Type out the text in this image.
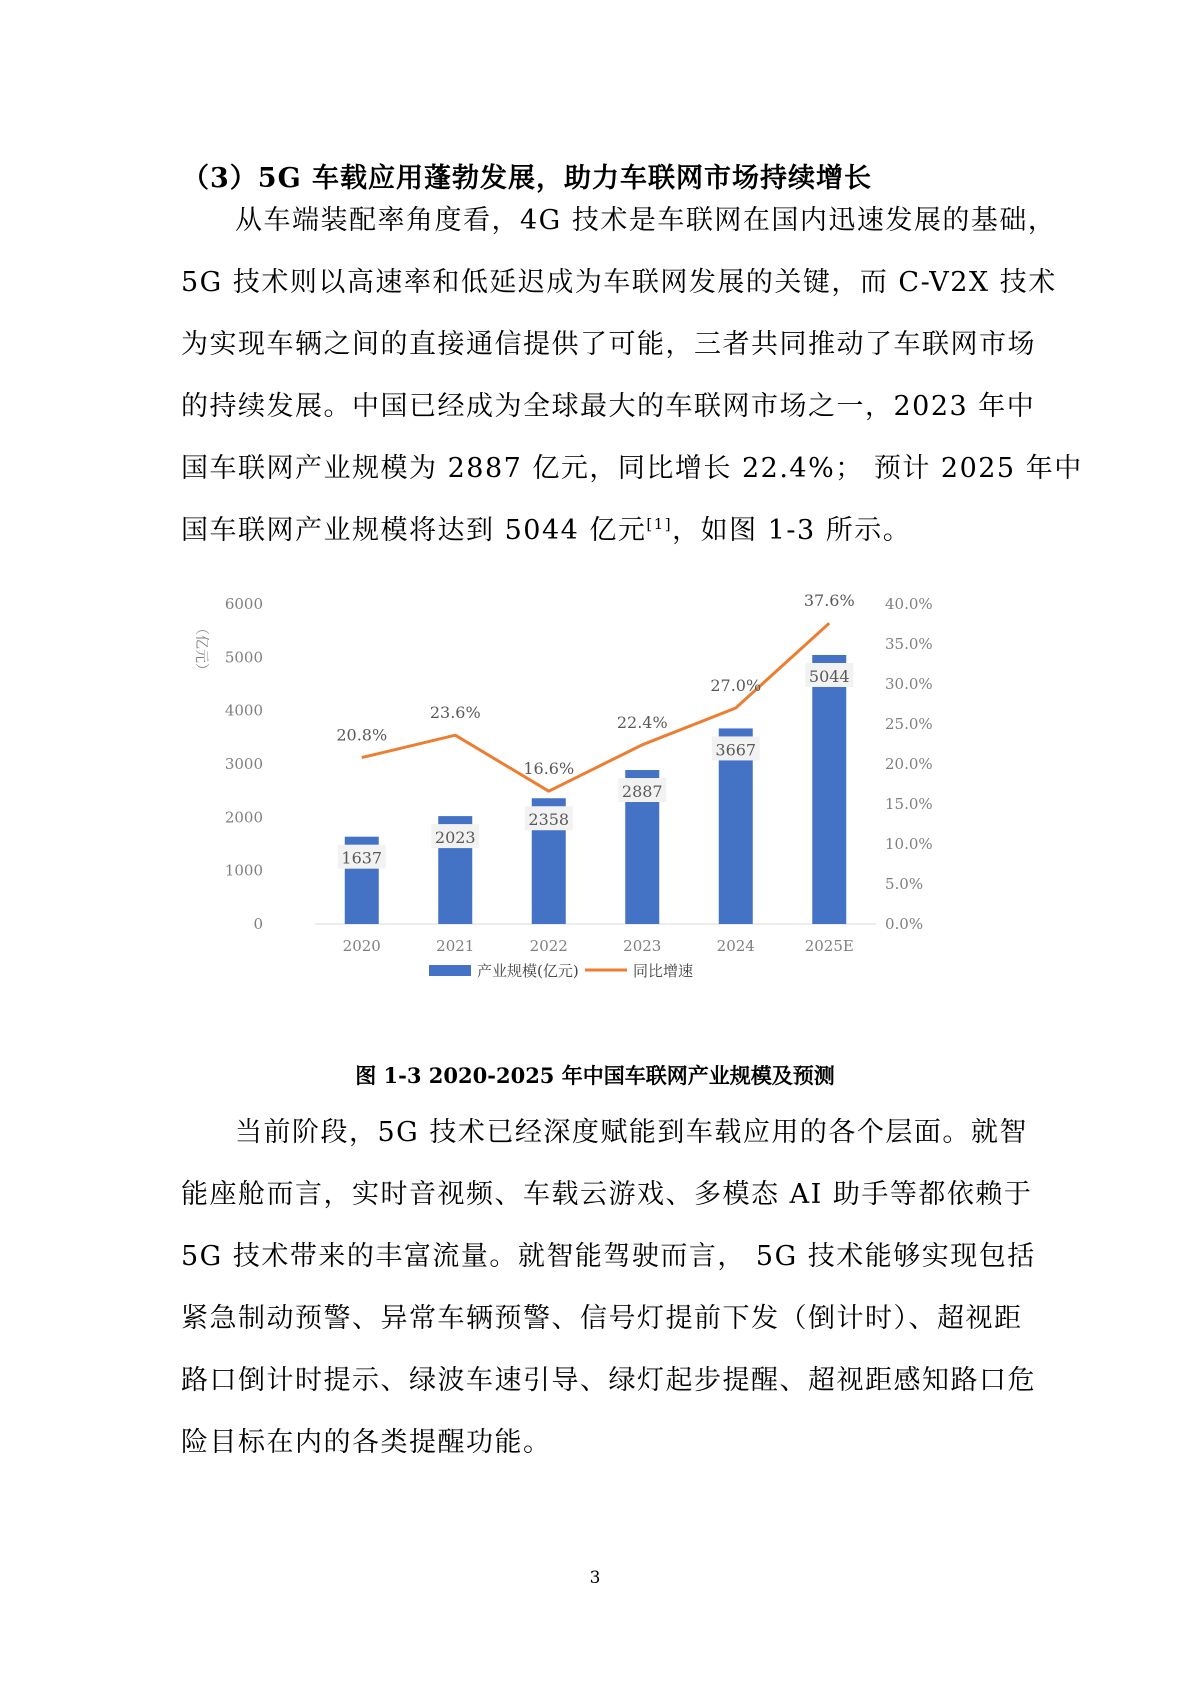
（3）5G 车载应用蓬勃发展，助力车联网市场持续增长
从车端装配率角度看，4G 技术是车联网在国内迅速发展的基础，
5G 技术则以高速率和低延迟成为车联网发展的关键，而 C-V2X 技术
为实现车辆之间的直接通信提供了可能，三者共同推动了车联网市场
的持续发展。中国已经成为全球最大的车联网市场之一，2023 年中
国车联网产业规模为 2887 亿元，同比增长 22.4%； 预计 2025 年中
国车联网产业规模将达到 5044 亿元[1]，如图 1-3 所示。
0
1000
2000
3000
4000
5000
6000
0.0%
5.0%
10.0%
15.0%
20.0%
25.0%
30.0%
35.0%
40.0%
（亿元）
1637
2023
2358
2887
3667
5044
20.8%
23.6%
16.6%
22.4%
27.0%
37.6%
2020	2021	2022	2023	2024	2025E
产业规模(亿元)	同比增速
图 1-3 2020-2025 年中国车联网产业规模及预测
当前阶段，5G 技术已经深度赋能到车载应用的各个层面。就智
能座舱而言，实时音视频、车载云游戏、多模态 AI 助手等都依赖于
5G 技术带来的丰富流量。就智能驾驶而言， 5G 技术能够实现包括
紧急制动预警、异常车辆预警、信号灯提前下发（倒计时）、超视距
路口倒计时提示、绿波车速引导、绿灯起步提醒、超视距感知路口危
险目标在内的各类提醒功能。
3
